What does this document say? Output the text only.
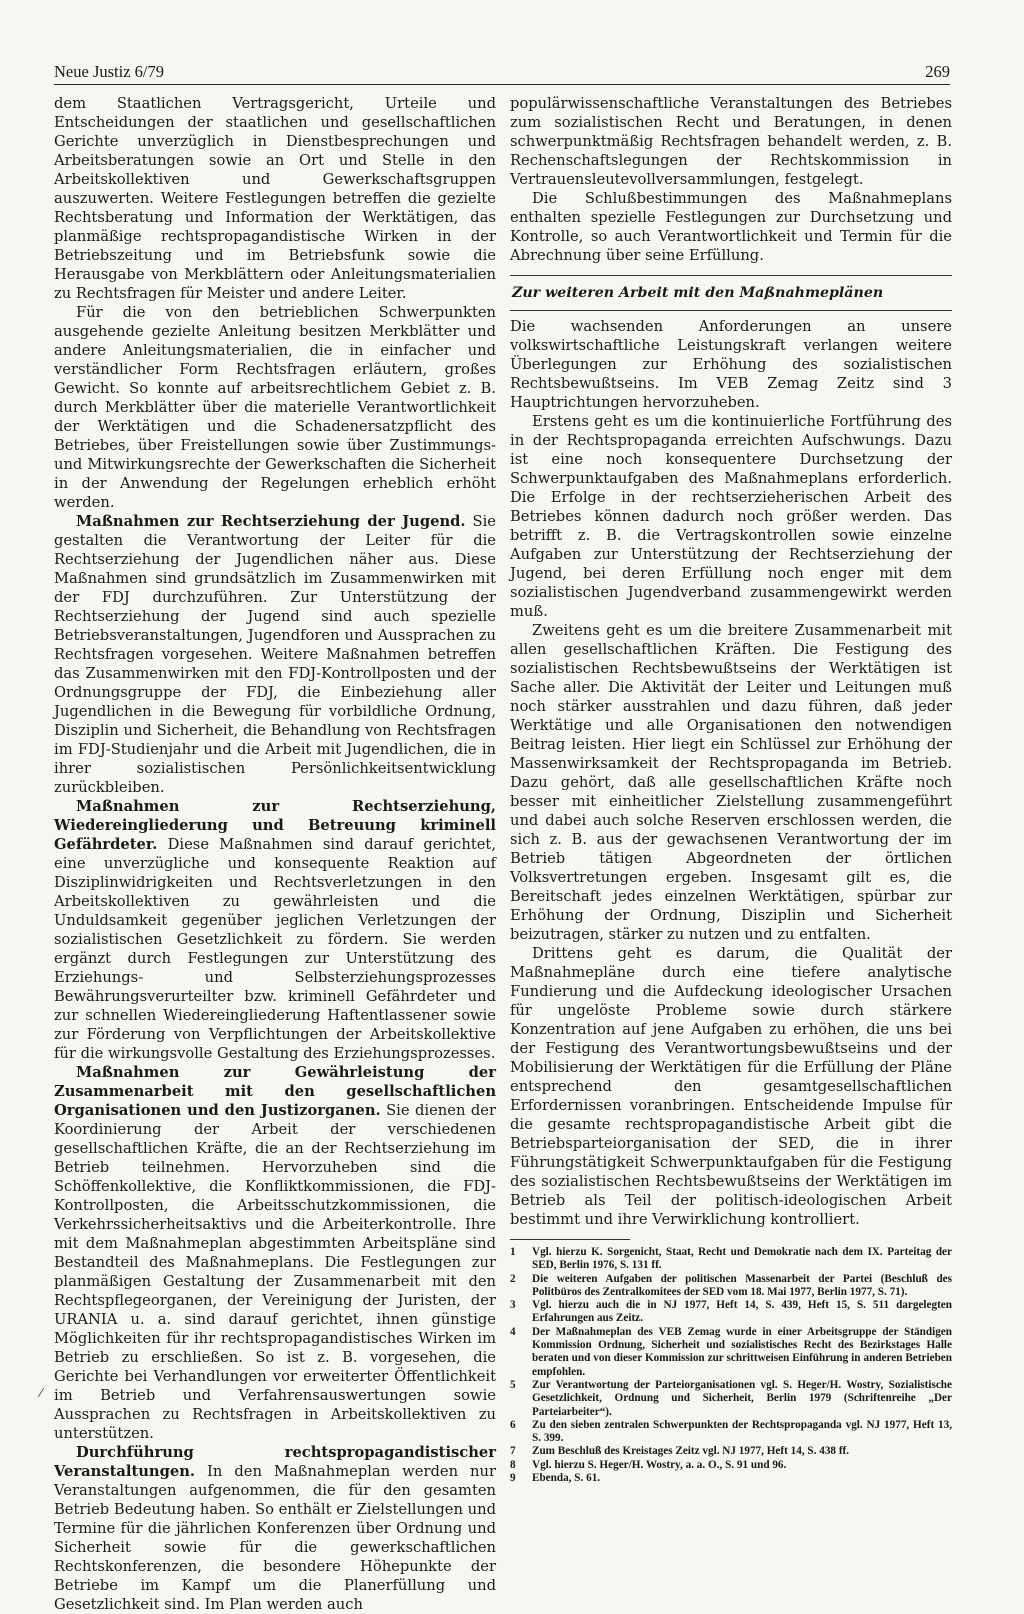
Neue Justiz 6/79	269

dem Staatlichen Vertragsgericht, Urteile und Entscheidungen der staatlichen und gesellschaftlichen Gerichte unverzüglich in Dienstbesprechungen und Arbeitsberatungen sowie an Ort und Stelle in den Arbeitskollektiven und Gewerkschaftsgruppen auszuwerten. Weitere Festlegungen betreffen die gezielte Rechtsberatung und Information der Werktätigen, das planmäßige rechtspropagandistische Wirken in der Betriebszeitung und im Betriebsfunk sowie die Herausgabe von Merkblättern oder Anleitungsmaterialien zu Rechtsfragen für Meister und andere Leiter.

Für die von den betrieblichen Schwerpunkten ausgehende gezielte Anleitung besitzen Merkblätter und andere Anleitungsmaterialien, die in einfacher und verständlicher Form Rechtsfragen erläutern, großes Gewicht. So konnte auf arbeitsrechtlichem Gebiet z. B. durch Merkblätter über die materielle Verantwortlichkeit der Werktätigen und die Schadenersatzpflicht des Betriebes, über Freistellungen sowie über Zustimmungs- und Mitwirkungsrechte der Gewerkschaften die Sicherheit in der Anwendung der Regelungen erheblich erhöht werden.

Maßnahmen zur Rechtserziehung der Jugend. Sie gestalten die Verantwortung der Leiter für die Rechtserziehung der Jugendlichen näher aus. Diese Maßnahmen sind grundsätzlich im Zusammenwirken mit der FDJ durchzuführen. Zur Unterstützung der Rechtserziehung der Jugend sind auch spezielle Betriebsveranstaltungen, Jugendforen und Aussprachen zu Rechtsfragen vorgesehen. Weitere Maßnahmen betreffen das Zusammenwirken mit den FDJ-Kontrollposten und der Ordnungsgruppe der FDJ, die Einbeziehung aller Jugendlichen in die Bewegung für vorbildliche Ordnung, Disziplin und Sicherheit, die Behandlung von Rechtsfragen im FDJ-Studienjahr und die Arbeit mit Jugendlichen, die in ihrer sozialistischen Persönlichkeitsentwicklung zurückbleiben.

Maßnahmen zur Rechtserziehung, Wiedereingliederung und Betreuung kriminell Gefährdeter. Diese Maßnahmen sind darauf gerichtet, eine unverzügliche und konsequente Reaktion auf Disziplinwidrigkeiten und Rechtsverletzungen in den Arbeitskollektiven zu gewährleisten und die Unduldsamkeit gegenüber jeglichen Verletzungen der sozialistischen Gesetzlichkeit zu fördern. Sie werden ergänzt durch Festlegungen zur Unterstützung des Erziehungs- und Selbsterziehungsprozesses Bewährungsverurteilter bzw. kriminell Gefährdeter und zur schnellen Wiedereingliederung Haftentlassener sowie zur Förderung von Verpflichtungen der Arbeitskollektive für die wirkungsvolle Gestaltung des Erziehungsprozesses.

Maßnahmen zur Gewährleistung der Zusammenarbeit mit den gesellschaftlichen Organisationen und den Justizorganen. Sie dienen der Koordinierung der Arbeit der verschiedenen gesellschaftlichen Kräfte, die an der Rechtserziehung im Betrieb teilnehmen. Hervorzuheben sind die Schöffenkollektive, die Konfliktkommissionen, die FDJ-Kontrollposten, die Arbeitsschutzkommissionen, die Verkehrssicherheitsaktivs und die Arbeiterkontrolle. Ihre mit dem Maßnahmeplan abgestimmten Arbeitspläne sind Bestandteil des Maßnahmeplans. Die Festlegungen zur planmäßigen Gestaltung der Zusammenarbeit mit den Rechtspflegeorganen, der Vereinigung der Juristen, der URANIA u. a. sind darauf gerichtet, ihnen günstige Möglichkeiten für ihr rechtspropagandistisches Wirken im Betrieb zu erschließen. So ist z. B. vorgesehen, die Gerichte bei Verhandlungen vor erweiterter Öffentlichkeit im Betrieb und Verfahrensauswertungen sowie Aussprachen zu Rechtsfragen in Arbeitskollektiven zu unterstützen.

Durchführung rechtspropagandistischer Veranstaltungen. In den Maßnahmeplan werden nur Veranstaltungen aufgenommen, die für den gesamten Betrieb Bedeutung haben. So enthält er Zielstellungen und Termine für die jährlichen Konferenzen über Ordnung und Sicherheit sowie für die gewerkschaftlichen Rechtskonferenzen, die besondere Höhepunkte der Betriebe im Kampf um die Planerfüllung und Gesetzlichkeit sind. Im Plan werden auch

populärwissenschaftliche Veranstaltungen des Betriebes zum sozialistischen Recht und Beratungen, in denen schwerpunktmäßig Rechtsfragen behandelt werden, z. B. Rechenschaftslegungen der Rechtskommission in Vertrauensleutevollversammlungen, festgelegt.

Die Schlußbestimmungen des Maßnahmeplans enthalten spezielle Festlegungen zur Durchsetzung und Kontrolle, so auch Verantwortlichkeit und Termin für die Abrechnung über seine Erfüllung.

Zur weiteren Arbeit mit den Maßnahmeplänen

Die wachsenden Anforderungen an unsere volkswirtschaftliche Leistungskraft verlangen weitere Überlegungen zur Erhöhung des sozialistischen Rechtsbewußtseins. Im VEB Zemag Zeitz sind 3 Hauptrichtungen hervorzuheben.

Erstens geht es um die kontinuierliche Fortführung des in der Rechtspropaganda erreichten Aufschwungs. Dazu ist eine noch konsequentere Durchsetzung der Schwerpunktaufgaben des Maßnahmeplans erforderlich. Die Erfolge in der rechtserzieherischen Arbeit des Betriebes können dadurch noch größer werden. Das betrifft z. B. die Vertragskontrollen sowie einzelne Aufgaben zur Unterstützung der Rechtserziehung der Jugend, bei deren Erfüllung noch enger mit dem sozialistischen Jugendverband zusammengewirkt werden muß.

Zweitens geht es um die breitere Zusammenarbeit mit allen gesellschaftlichen Kräften. Die Festigung des sozialistischen Rechtsbewußtseins der Werktätigen ist Sache aller. Die Aktivität der Leiter und Leitungen muß noch stärker ausstrahlen und dazu führen, daß jeder Werktätige und alle Organisationen den notwendigen Beitrag leisten. Hier liegt ein Schlüssel zur Erhöhung der Massenwirksamkeit der Rechtspropaganda im Betrieb. Dazu gehört, daß alle gesellschaftlichen Kräfte noch besser mit einheitlicher Zielstellung zusammengeführt und dabei auch solche Reserven erschlossen werden, die sich z. B. aus der gewachsenen Verantwortung der im Betrieb tätigen Abgeordneten der örtlichen Volksvertretungen ergeben. Insgesamt gilt es, die Bereitschaft jedes einzelnen Werktätigen, spürbar zur Erhöhung der Ordnung, Disziplin und Sicherheit beizutragen, stärker zu nutzen und zu entfalten.

Drittens geht es darum, die Qualität der Maßnahmepläne durch eine tiefere analytische Fundierung und die Aufdeckung ideologischer Ursachen für ungelöste Probleme sowie durch stärkere Konzentration auf jene Aufgaben zu erhöhen, die uns bei der Festigung des Verantwortungsbewußtseins und der Mobilisierung der Werktätigen für die Erfüllung der Pläne entsprechend den gesamtgesellschaftlichen Erfordernissen voranbringen. Entscheidende Impulse für die gesamte rechtspropagandistische Arbeit gibt die Betriebsparteiorganisation der SED, die in ihrer Führungstätigkeit Schwerpunktaufgaben für die Festigung des sozialistischen Rechtsbewußtseins der Werktätigen im Betrieb als Teil der politisch-ideologischen Arbeit bestimmt und ihre Verwirklichung kontrolliert.

1	Vgl. hierzu K. Sorgenicht, Staat, Recht und Demokratie nach dem IX. Parteitag der SED, Berlin 1976, S. 131 ff.
2	Die weiteren Aufgaben der politischen Massenarbeit der Partei (Beschluß des Politbüros des Zentralkomitees der SED vom 18. Mai 1977, Berlin 1977, S. 71).
3	Vgl. hierzu auch die in NJ 1977, Heft 14, S. 439, Heft 15, S. 511 dargelegten Erfahrungen aus Zeitz.
4	Der Maßnahmeplan des VEB Zemag wurde in einer Arbeitsgruppe der Ständigen Kommission Ordnung, Sicherheit und sozialistisches Recht des Bezirkstages Halle beraten und von dieser Kommission zur schrittweisen Einführung in anderen Betrieben empfohlen.
5	Zur Verantwortung der Parteiorganisationen vgl. S. Heger/H. Wostry, Sozialistische Gesetzlichkeit, Ordnung und Sicherheit, Berlin 1979 (Schriftenreihe „Der Parteiarbeiter“).
6	Zu den sieben zentralen Schwerpunkten der Rechtspropaganda vgl. NJ 1977, Heft 13, S. 399.
7	Zum Beschluß des Kreistages Zeitz vgl. NJ 1977, Heft 14, S. 438 ff.
8	Vgl. hierzu S. Heger/H. Wostry, a. a. O., S. 91 und 96.
9	Ebenda, S. 61.
⁄
